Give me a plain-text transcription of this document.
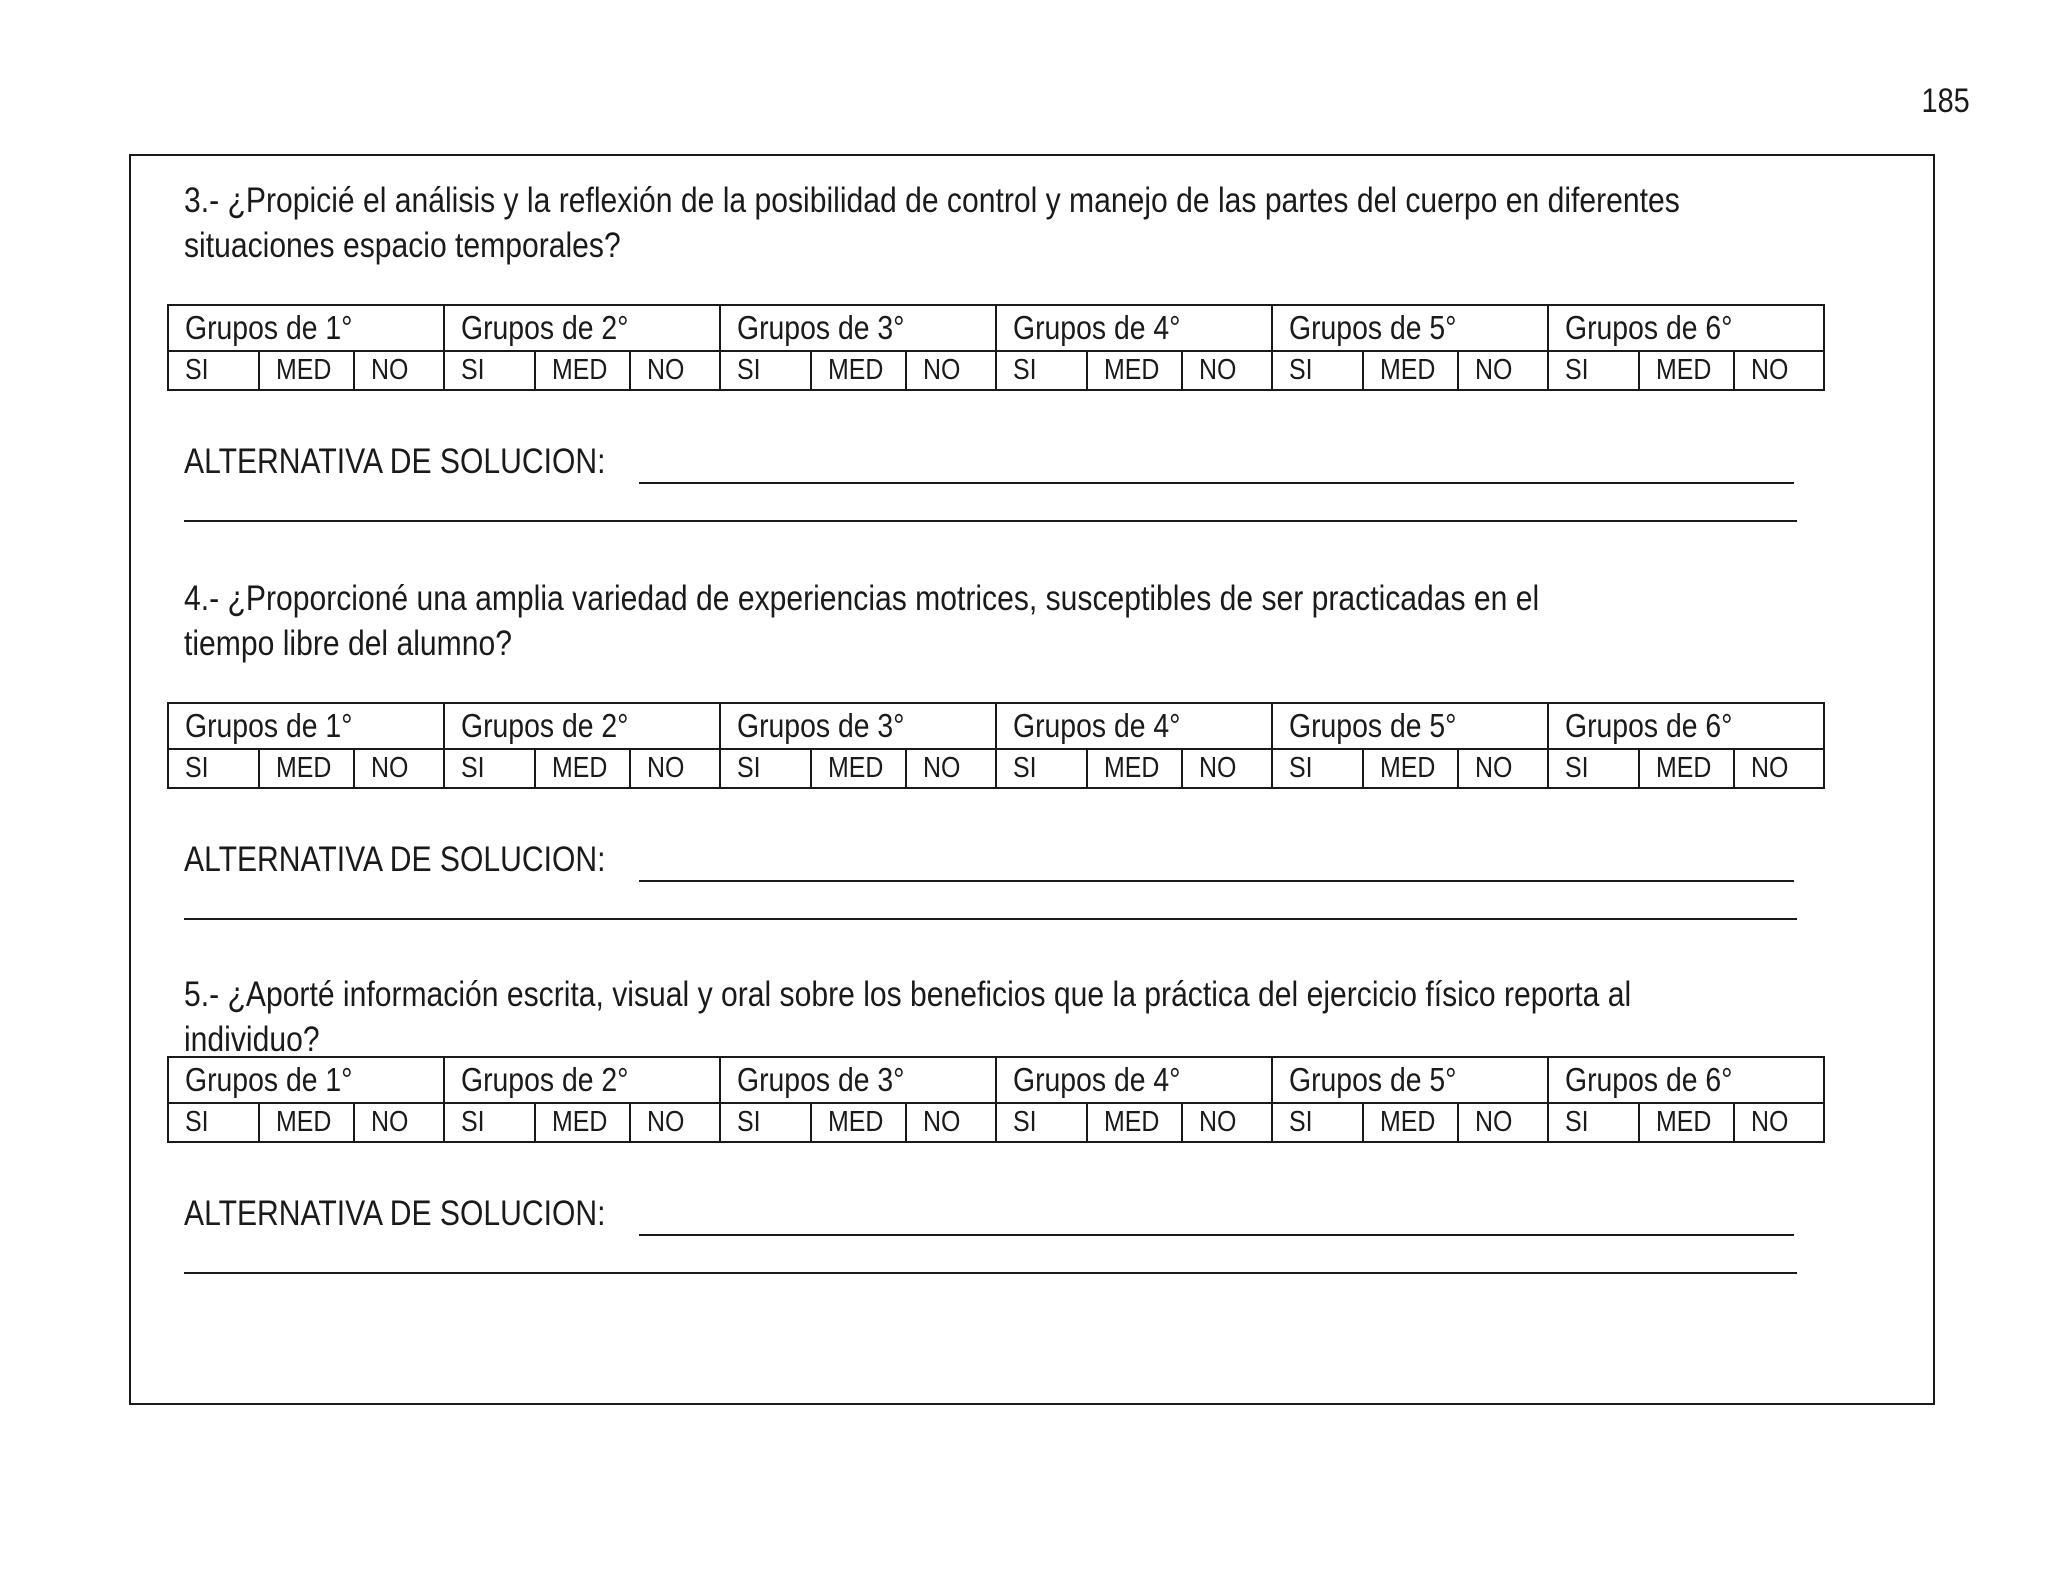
185
3.- ¿Propicié el análisis y la reflexión de la posibilidad de control y manejo de las partes del cuerpo en diferentes situaciones espacio temporales?
Grupos de 1°			Grupos de 2°			Grupos de 3°			Grupos de 4°			Grupos de 5°			Grupos de 6°		
SI	MED	NO	SI	MED	NO	SI	MED	NO	SI	MED	NO	SI	MED	NO	SI	MED	NO
ALTERNATIVA DE SOLUCION:
4.- ¿Proporcioné una amplia variedad de experiencias motrices, susceptibles de ser practicadas en el tiempo libre del alumno?
Grupos de 1°			Grupos de 2°			Grupos de 3°			Grupos de 4°			Grupos de 5°			Grupos de 6°		
SI	MED	NO	SI	MED	NO	SI	MED	NO	SI	MED	NO	SI	MED	NO	SI	MED	NO
ALTERNATIVA DE SOLUCION:
5.- ¿Aporté información escrita, visual y oral sobre los beneficios que la práctica del ejercicio físico reporta al individuo?
Grupos de 1°			Grupos de 2°			Grupos de 3°			Grupos de 4°			Grupos de 5°			Grupos de 6°		
SI	MED	NO	SI	MED	NO	SI	MED	NO	SI	MED	NO	SI	MED	NO	SI	MED	NO
ALTERNATIVA DE SOLUCION:
